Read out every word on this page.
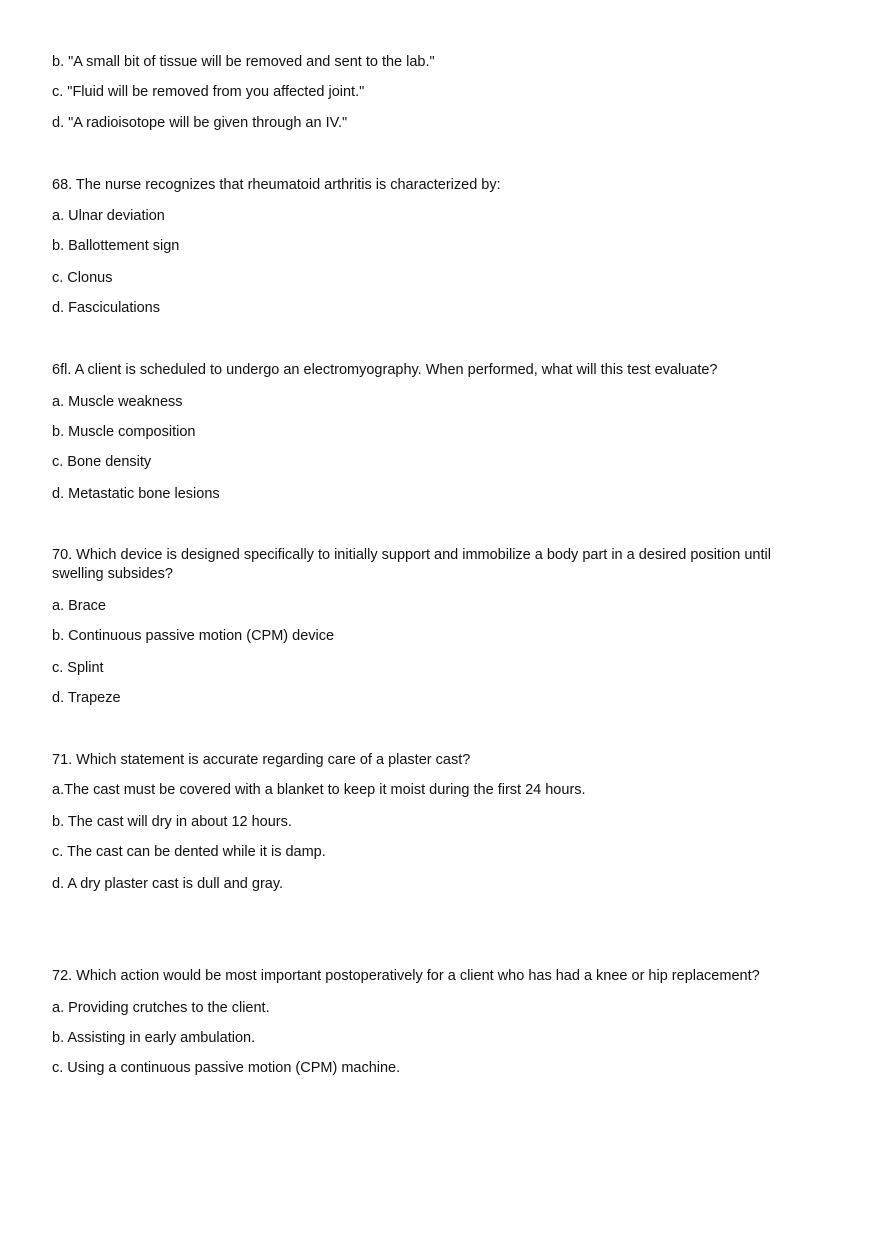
b. "A small bit of tissue will be removed and sent to the lab."

c. "Fluid will be removed from you affected joint."

d. "A radioisotope will be given through an IV."

68. The nurse recognizes that rheumatoid arthritis is characterized by:

a. Ulnar deviation

b. Ballottement sign

c. Clonus

d. Fasciculations

6fl. A client is scheduled to undergo an electromyography. When performed, what will this test evaluate?

a. Muscle weakness

b. Muscle composition

c. Bone density

d. Metastatic bone lesions

70. Which device is designed specifically to initially support and immobilize a body part in a desired position until swelling subsides?

a. Brace

b. Continuous passive motion (CPM) device

c. Splint

d. Trapeze

71. Which statement is accurate regarding care of a plaster cast?

a.The cast must be covered with a blanket to keep it moist during the first 24 hours.

b. The cast will dry in about 12 hours.

c. The cast can be dented while it is damp.

d. A dry plaster cast is dull and gray.

72. Which action would be most important postoperatively for a client who has had a knee or hip replacement?

a. Providing crutches to the client.

b. Assisting in early ambulation.

c. Using a continuous passive motion (CPM) machine.
